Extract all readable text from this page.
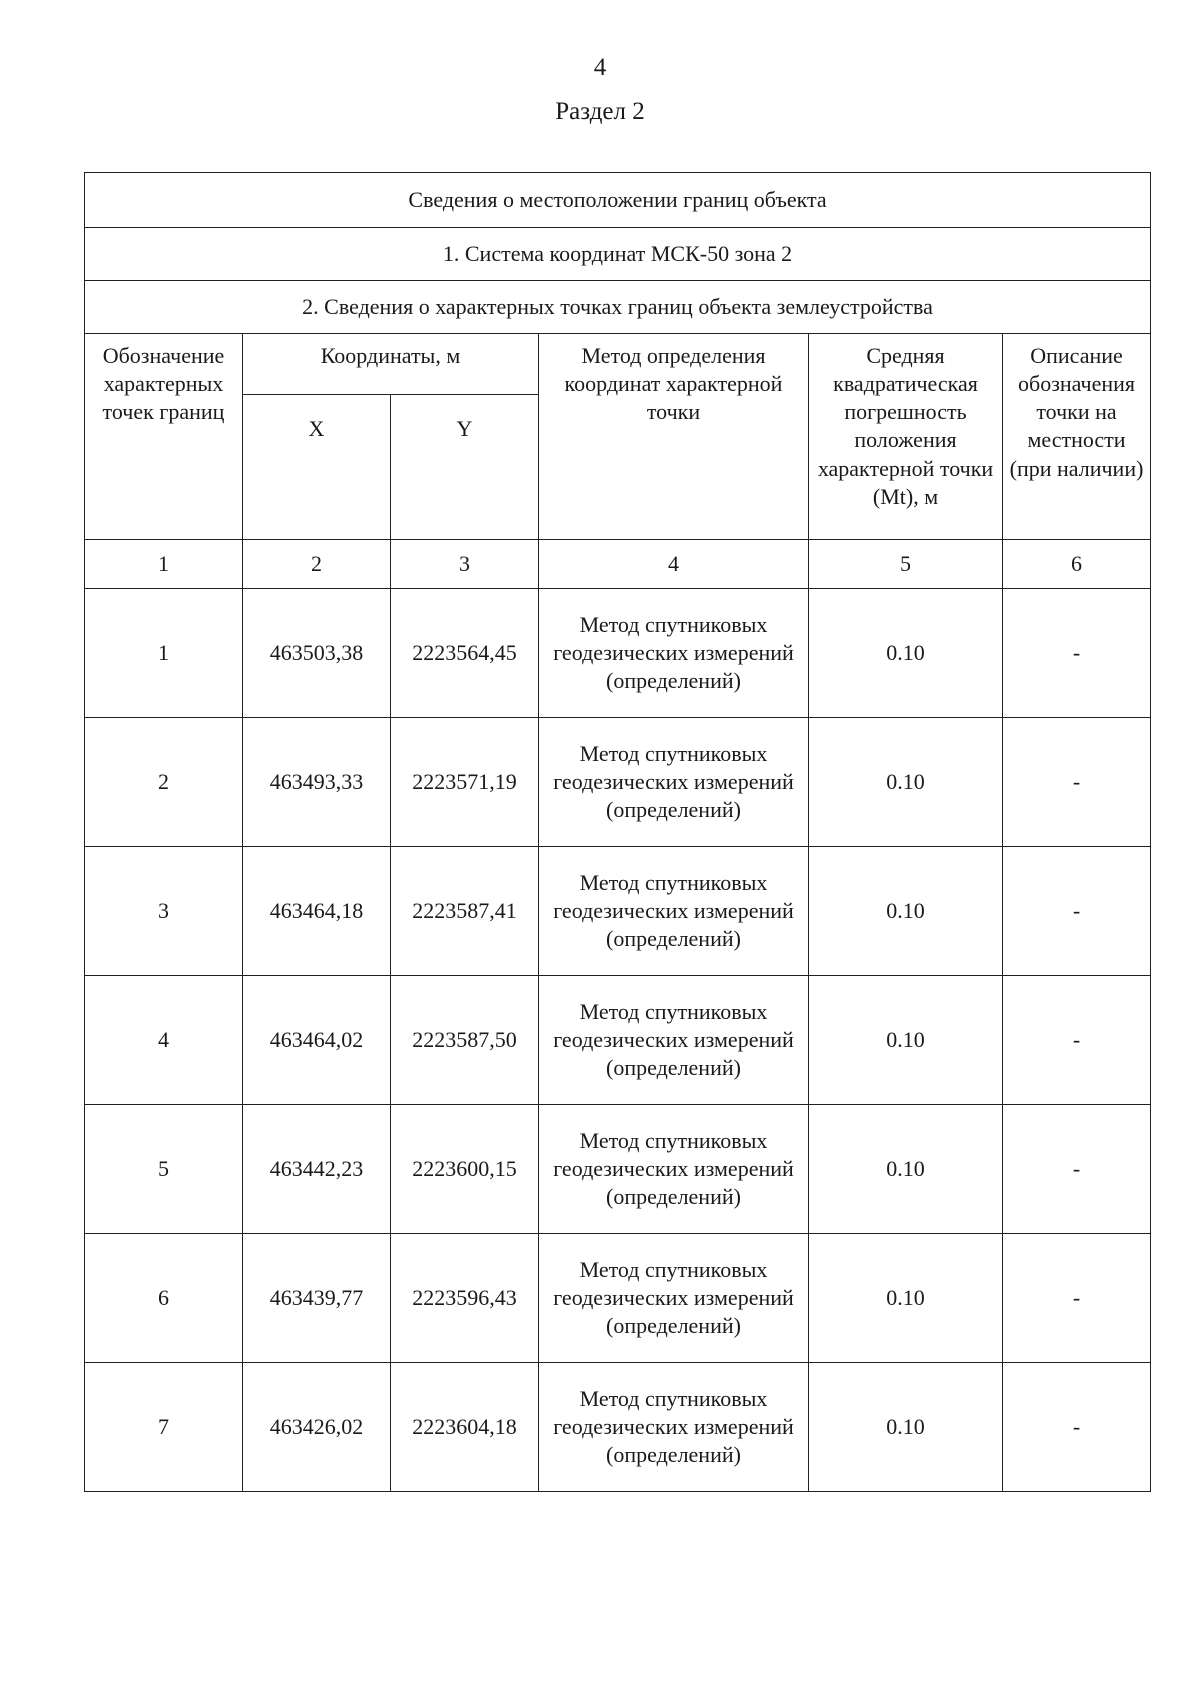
4
Раздел 2
Сведения о местоположении границ объекта					
1. Система координат МСК-50 зона 2					
2. Сведения о характерных точках границ объекта землеустройства					
Обозначение характерных точек границ	Координаты, м		Метод определения координат характерной точки	Средняя квадратическая погрешность положения характерной точки (Mt), м	Описание обозначения точки на местности (при наличии)
	X	Y			
1	2	3	4	5	6
1	463503,38	2223564,45	Метод спутниковых геодезических измерений (определений)	0.10	-
2	463493,33	2223571,19	Метод спутниковых геодезических измерений (определений)	0.10	-
3	463464,18	2223587,41	Метод спутниковых геодезических измерений (определений)	0.10	-
4	463464,02	2223587,50	Метод спутниковых геодезических измерений (определений)	0.10	-
5	463442,23	2223600,15	Метод спутниковых геодезических измерений (определений)	0.10	-
6	463439,77	2223596,43	Метод спутниковых геодезических измерений (определений)	0.10	-
7	463426,02	2223604,18	Метод спутниковых геодезических измерений (определений)	0.10	-
